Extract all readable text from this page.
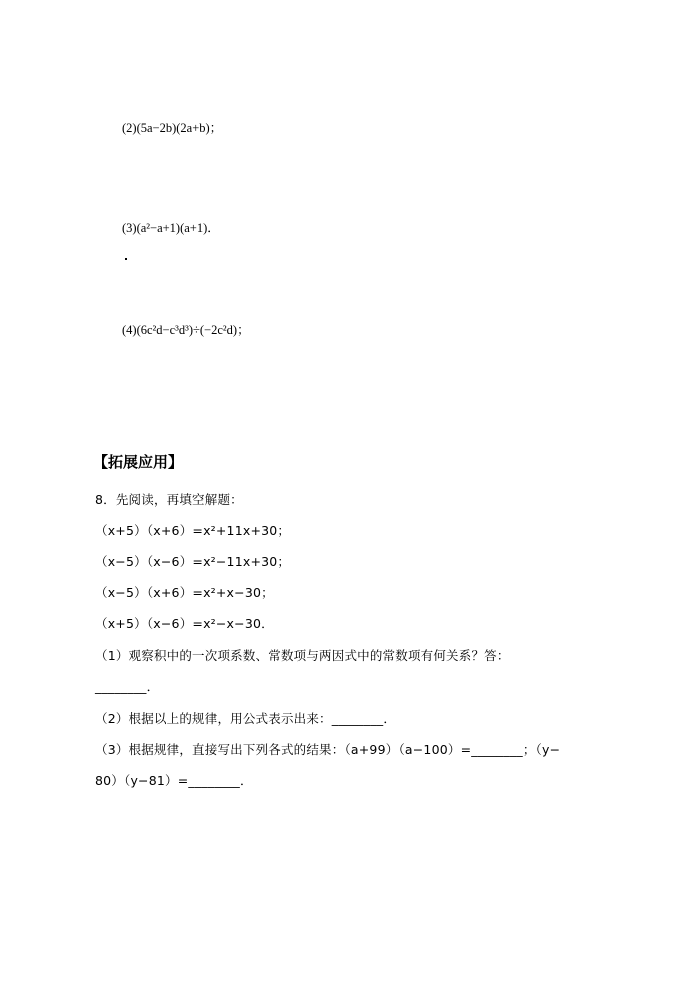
(2)(5a−2b)(2a+b)；
(3)(a²−a+1)(a+1)．
(4)(6c²d−c³d³)÷(−2c²d)；
【拓展应用】
8．先阅读，再填空解题：
（x+5）（x+6）=x²+11x+30；
（x−5）（x−6）=x²−11x+30；
（x−5）（x+6）=x²+x−30；
（x+5）（x−6）=x²−x−30．
（1）观察积中的一次项系数、常数项与两因式中的常数项有何关系？答：
________．
（2）根据以上的规律，用公式表示出来：________．
（3）根据规律，直接写出下列各式的结果：（a+99）（a−100）=________；（y−
80）（y−81）=________．
